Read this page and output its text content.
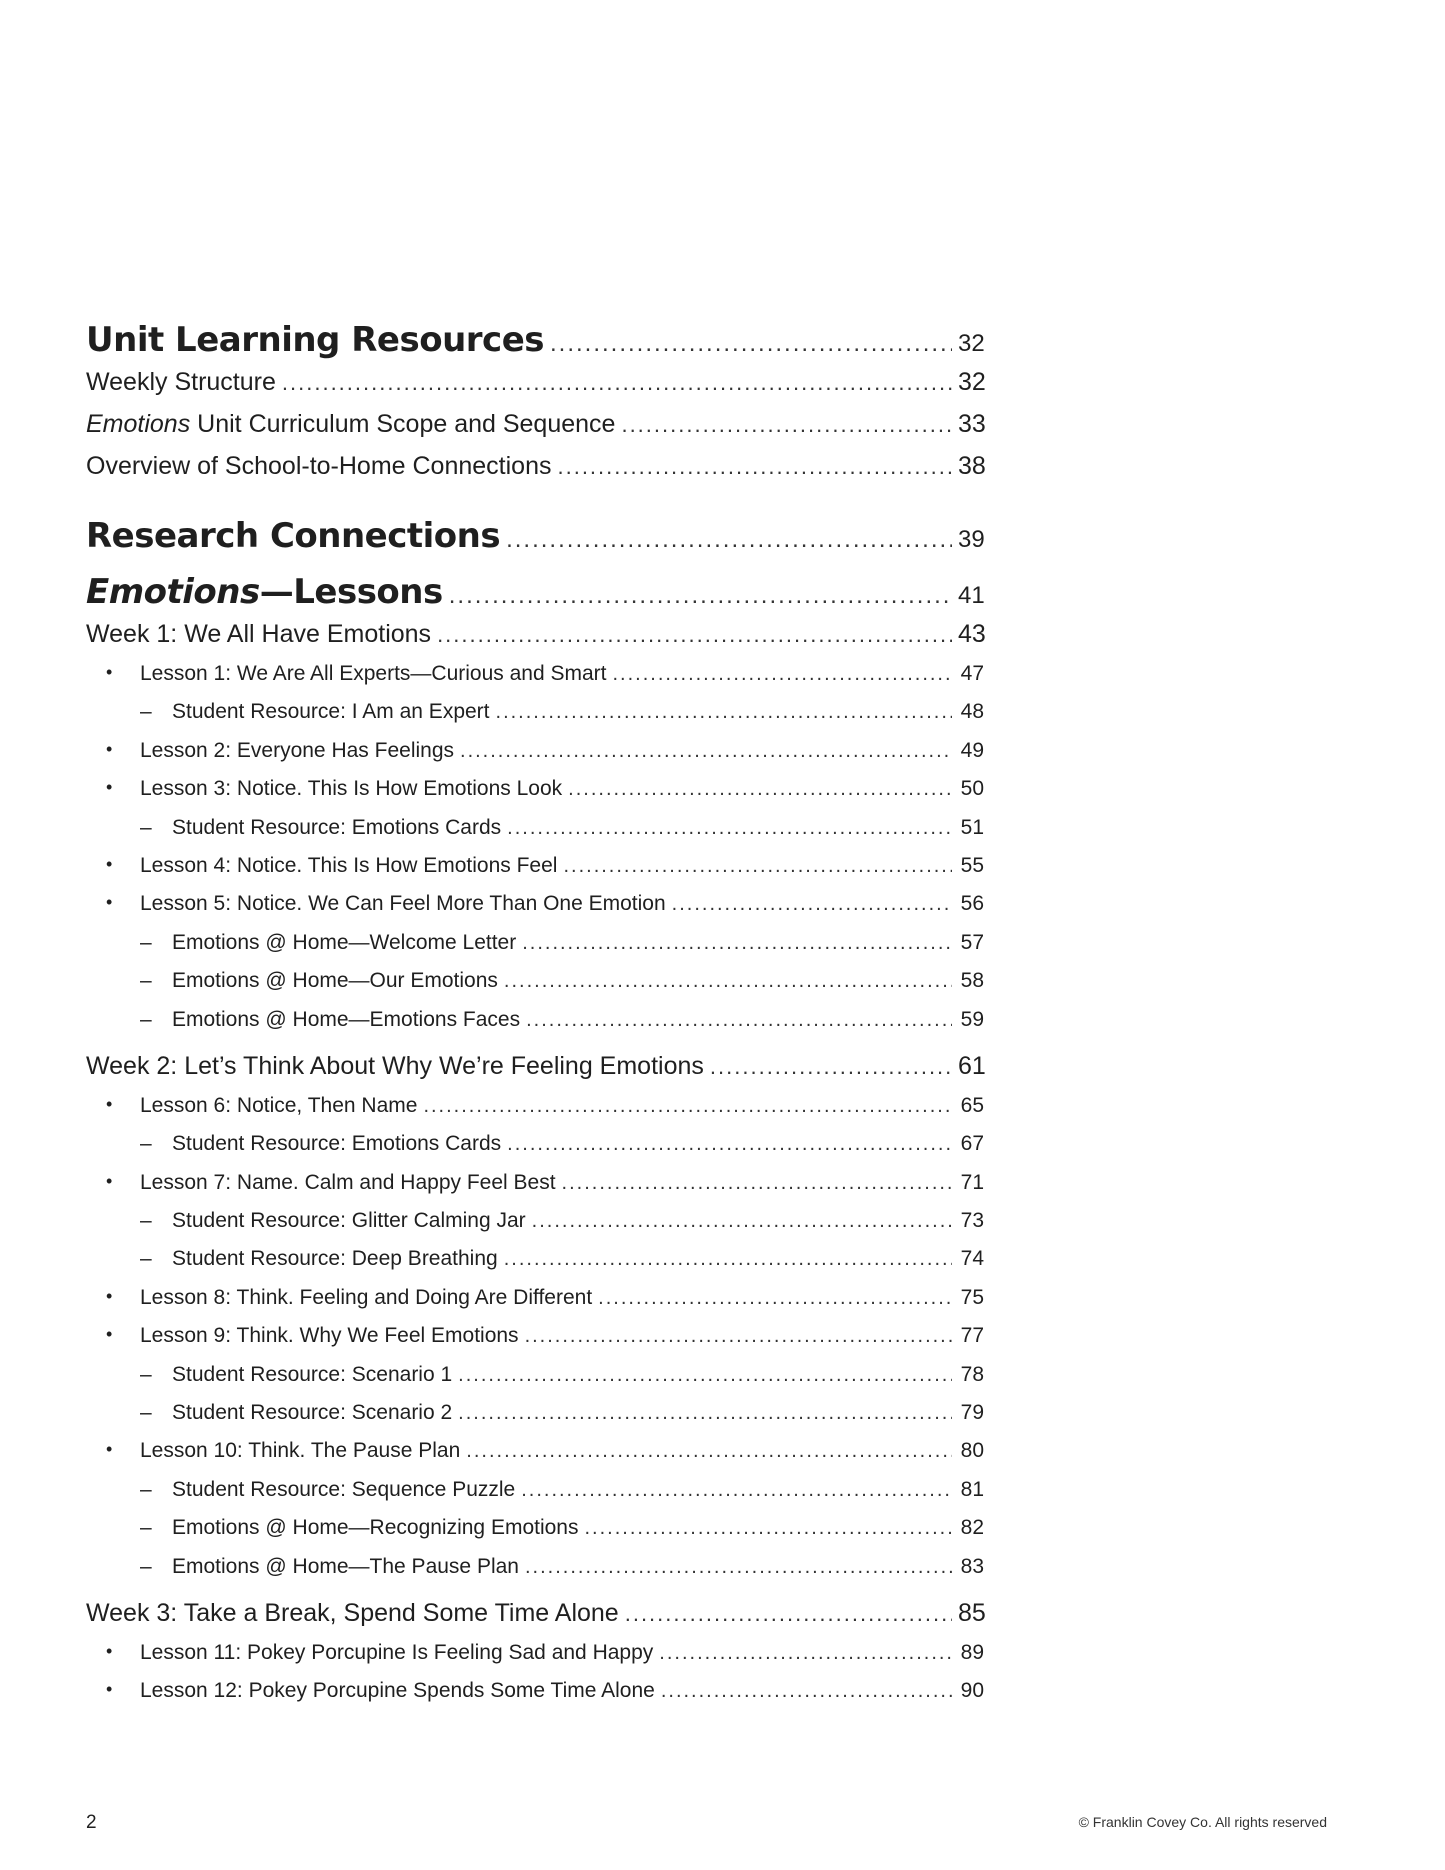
Unit Learning Resources .....	32
Weekly Structure .....	32
Emotions Unit Curriculum Scope and Sequence .....	33
Overview of School-to-Home Connections .....	38
Research Connections .....	39
Emotions—Lessons .....	41
Week 1: We All Have Emotions .....	43
• Lesson 1: We Are All Experts—Curious and Smart .....	47
– Student Resource: I Am an Expert .....	48
• Lesson 2: Everyone Has Feelings .....	49
• Lesson 3: Notice. This Is How Emotions Look .....	50
– Student Resource: Emotions Cards .....	51
• Lesson 4: Notice. This Is How Emotions Feel .....	55
• Lesson 5: Notice. We Can Feel More Than One Emotion .....	56
– Emotions @ Home—Welcome Letter .....	57
– Emotions @ Home—Our Emotions .....	58
– Emotions @ Home—Emotions Faces .....	59
Week 2: Let’s Think About Why We’re Feeling Emotions .....	61
• Lesson 6: Notice, Then Name .....	65
– Student Resource: Emotions Cards .....	67
• Lesson 7: Name. Calm and Happy Feel Best .....	71
– Student Resource: Glitter Calming Jar .....	73
– Student Resource: Deep Breathing .....	74
• Lesson 8: Think. Feeling and Doing Are Different .....	75
• Lesson 9: Think. Why We Feel Emotions .....	77
– Student Resource: Scenario 1 .....	78
– Student Resource: Scenario 2 .....	79
• Lesson 10: Think. The Pause Plan .....	80
– Student Resource: Sequence Puzzle .....	81
– Emotions @ Home—Recognizing Emotions .....	82
– Emotions @ Home—The Pause Plan .....	83
Week 3: Take a Break, Spend Some Time Alone .....	85
• Lesson 11: Pokey Porcupine Is Feeling Sad and Happy .....	89
• Lesson 12: Pokey Porcupine Spends Some Time Alone .....	90
2	© Franklin Covey Co. All rights reserved
